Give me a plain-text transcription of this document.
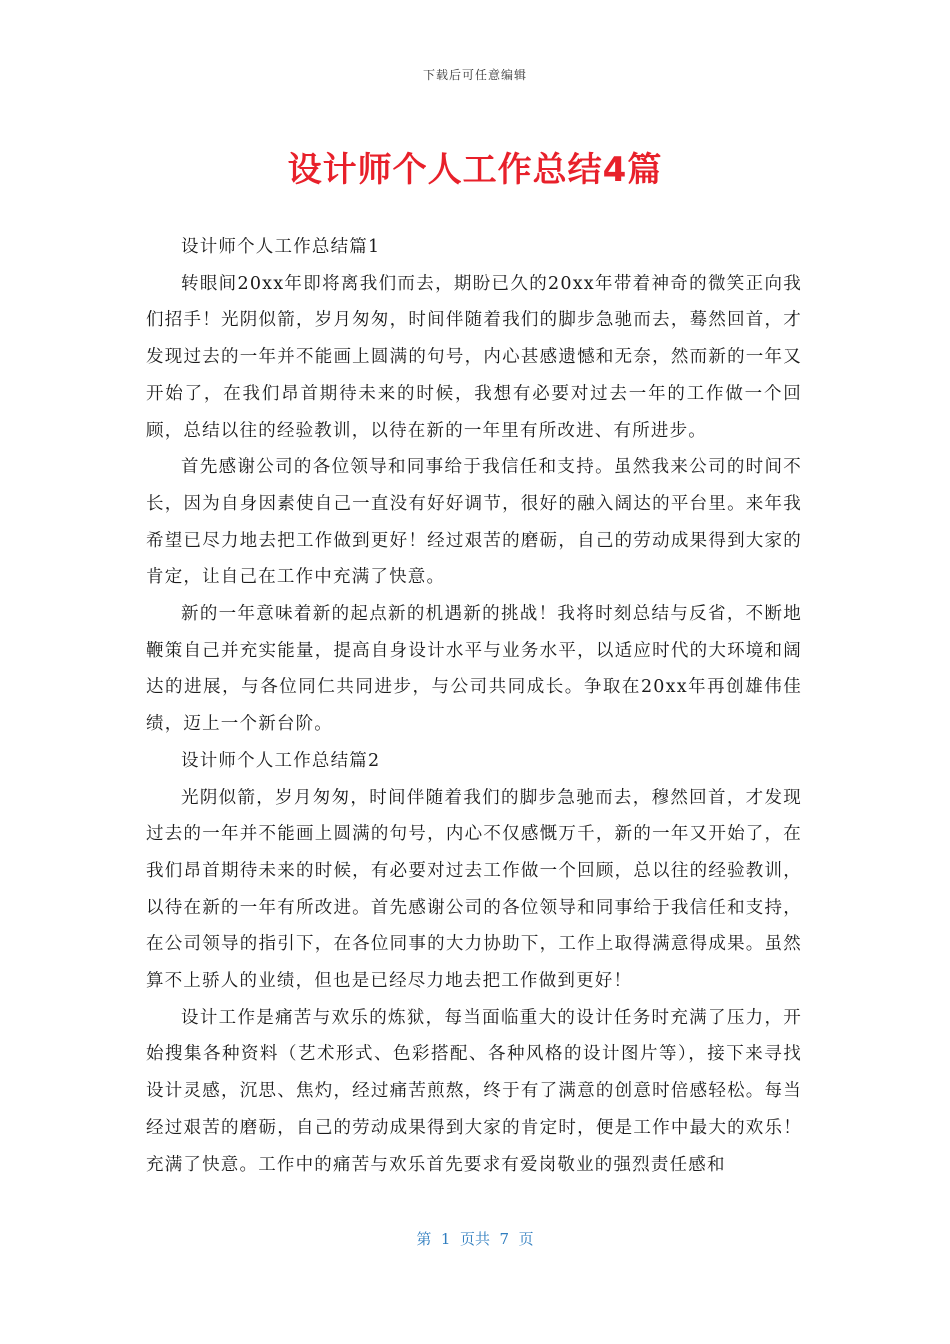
下载后可任意编辑
设计师个人工作总结4篇

设计师个人工作总结篇1

转眼间20xx年即将离我们而去，期盼已久的20xx年带着神奇的微笑正向我们招手！光阴似箭，岁月匆匆，时间伴随着我们的脚步急驰而去，蓦然回首，才发现过去的一年并不能画上圆满的句号，内心甚感遗憾和无奈，然而新的一年又开始了，在我们昂首期待未来的时候，我想有必要对过去一年的工作做一个回顾，总结以往的经验教训，以待在新的一年里有所改进、有所进步。

首先感谢公司的各位领导和同事给于我信任和支持。虽然我来公司的时间不长，因为自身因素使自己一直没有好好调节，很好的融入阔达的平台里。来年我希望已尽力地去把工作做到更好！经过艰苦的磨砺，自己的劳动成果得到大家的肯定，让自己在工作中充满了快意。

新的一年意味着新的起点新的机遇新的挑战！我将时刻总结与反省，不断地鞭策自己并充实能量，提高自身设计水平与业务水平，以适应时代的大环境和阔达的进展，与各位同仁共同进步，与公司共同成长。争取在20xx年再创雄伟佳绩，迈上一个新台阶。

设计师个人工作总结篇2

光阴似箭，岁月匆匆，时间伴随着我们的脚步急驰而去，穆然回首，才发现过去的一年并不能画上圆满的句号，内心不仅感慨万千，新的一年又开始了，在我们昂首期待未来的时候，有必要对过去工作做一个回顾，总以往的经验教训，以待在新的一年有所改进。首先感谢公司的各位领导和同事给于我信任和支持，在公司领导的指引下，在各位同事的大力协助下，工作上取得满意得成果。虽然算不上骄人的业绩，但也是已经尽力地去把工作做到更好！

设计工作是痛苦与欢乐的炼狱，每当面临重大的设计任务时充满了压力，开始搜集各种资料（艺术形式、色彩搭配、各种风格的设计图片等），接下来寻找设计灵感，沉思、焦灼，经过痛苦煎熬，终于有了满意的创意时倍感轻松。每当经过艰苦的磨砺，自己的劳动成果得到大家的肯定时，便是工作中最大的欢乐！充满了快意。工作中的痛苦与欢乐首先要求有爱岗敬业的强烈责任感和

第  1  页共  7  页
